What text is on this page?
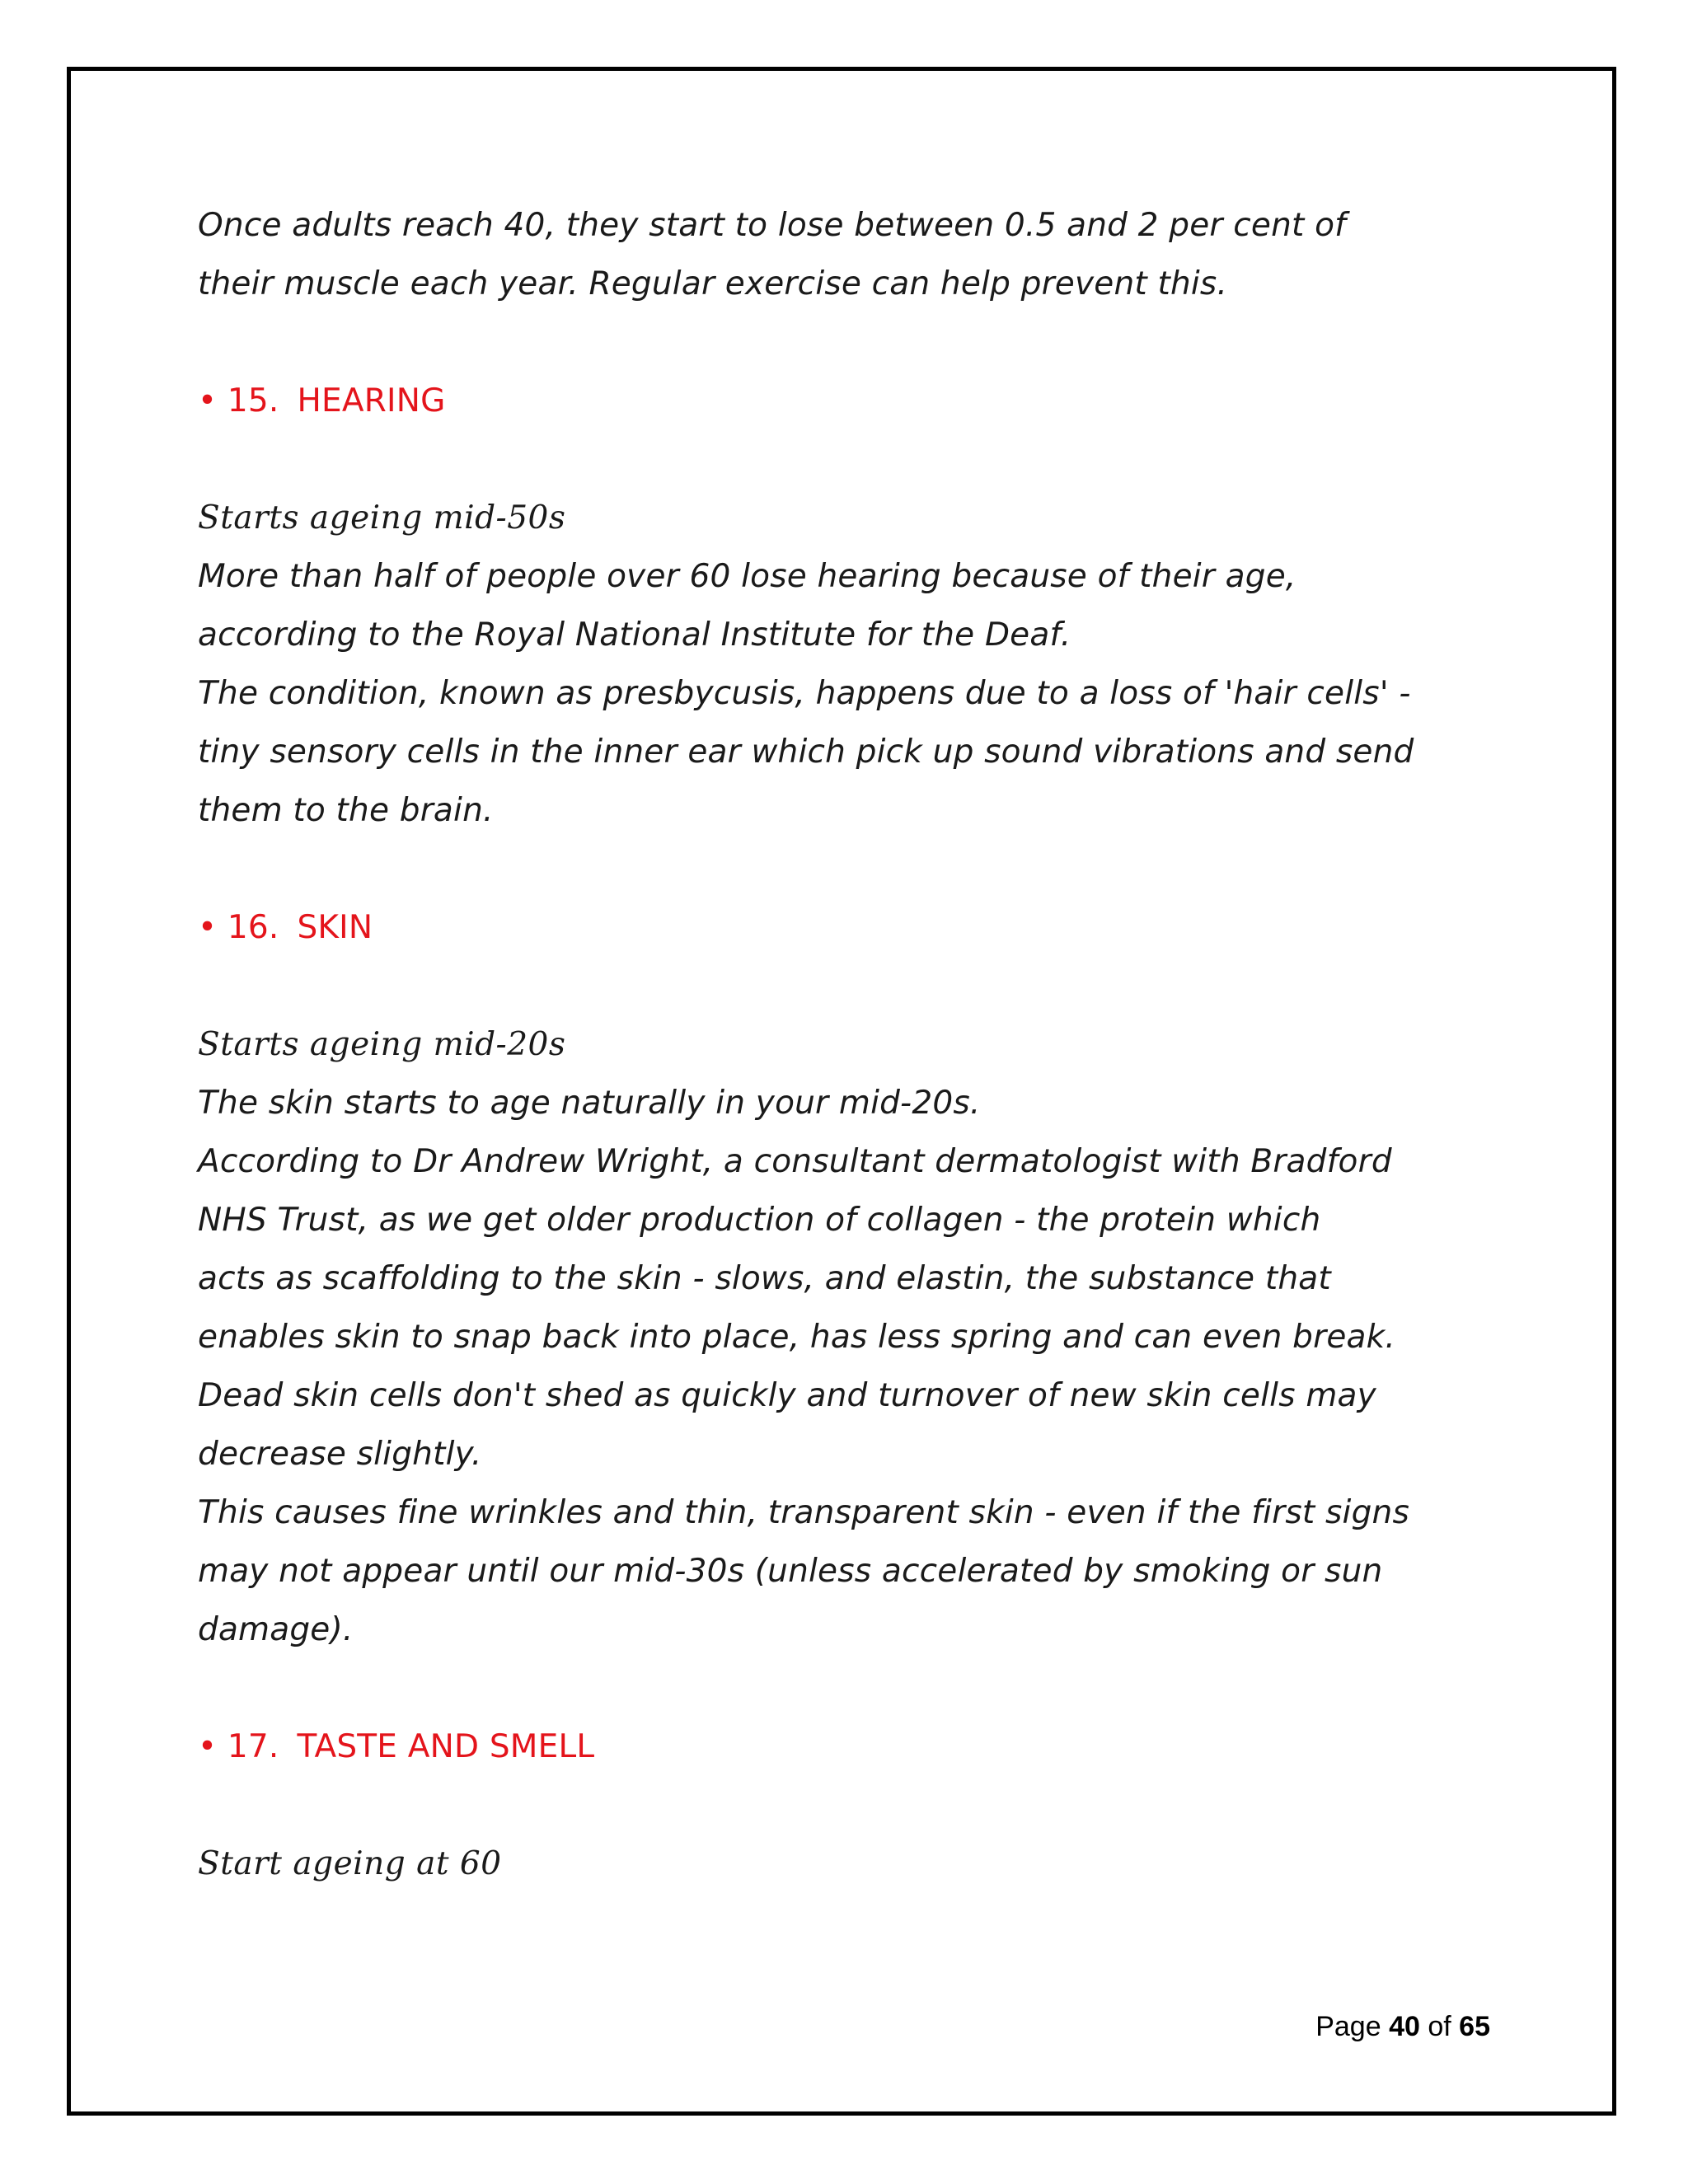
Once adults reach 40, they start to lose between 0.5 and 2 per cent of

their muscle each year. Regular exercise can help prevent this.

• 15. HEARING

Starts ageing mid-50s

More than half of people over 60 lose hearing because of their age,

according to the Royal National Institute for the Deaf.

The condition, known as presbycusis, happens due to a loss of 'hair cells' -

tiny sensory cells in the inner ear which pick up sound vibrations and send

them to the brain.

• 16. SKIN

Starts ageing mid-20s

The skin starts to age naturally in your mid-20s.

According to Dr Andrew Wright, a consultant dermatologist with Bradford

NHS Trust, as we get older production of collagen - the protein which

acts as scaffolding to the skin - slows, and elastin, the substance that

enables skin to snap back into place, has less spring and can even break.

Dead skin cells don't shed as quickly and turnover of new skin cells may

decrease slightly.

This causes fine wrinkles and thin, transparent skin - even if the first signs

may not appear until our mid-30s (unless accelerated by smoking or sun

damage).

• 17. TASTE AND SMELL

Start ageing at 60

Page 40 of 65
